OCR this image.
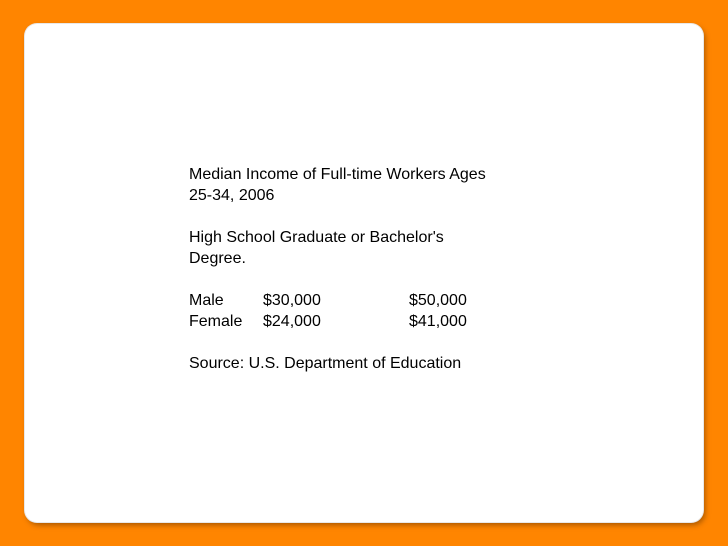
Median Income of Full-time Workers Ages
25-34, 2006
High School Graduate or Bachelor's
Degree.
Male	$30,000	$50,000
Female	$24,000	$41,000
Source: U.S. Department of Education
